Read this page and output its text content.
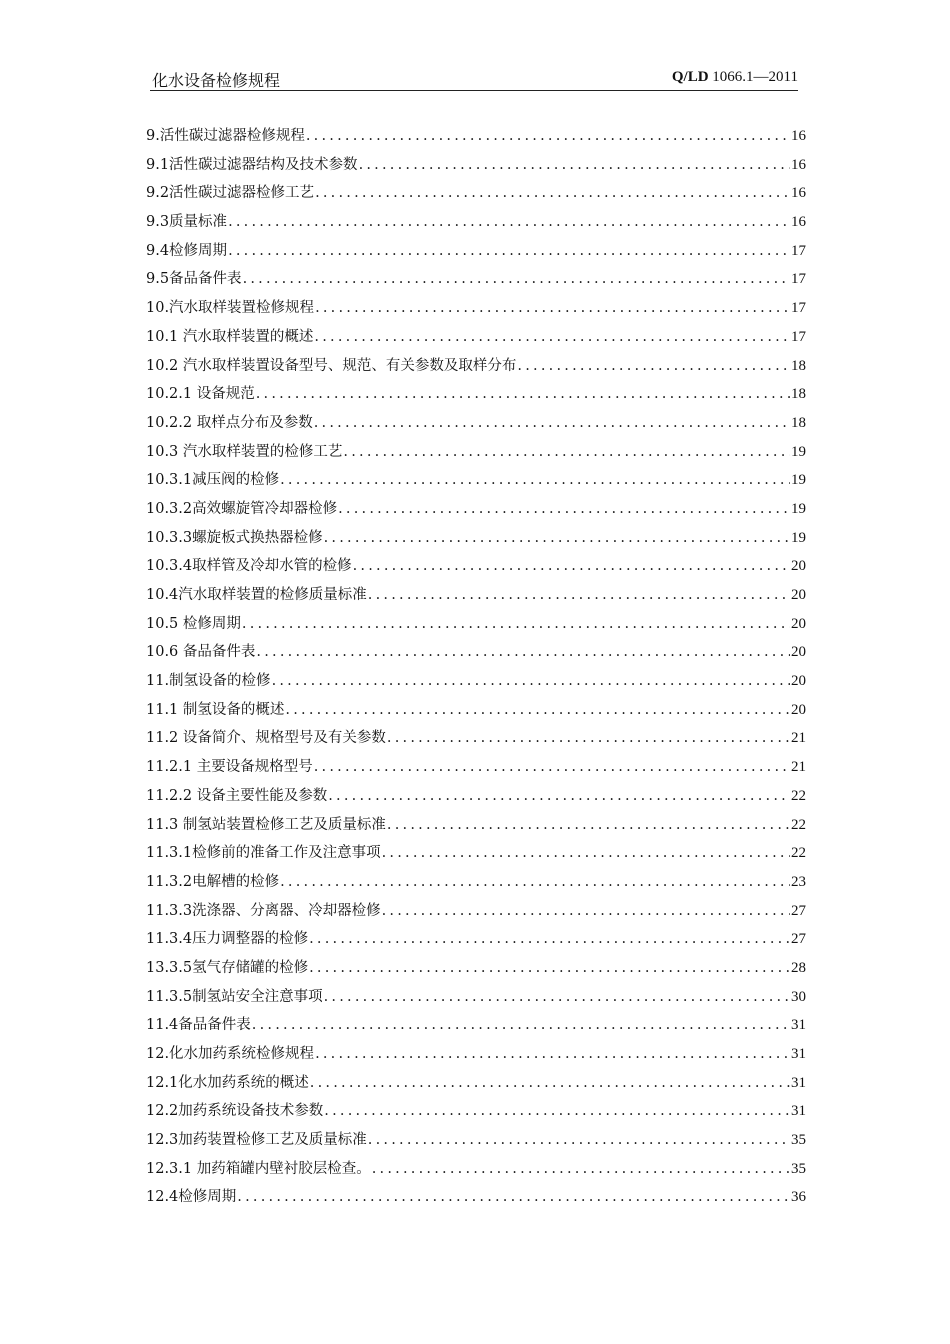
化水设备检修规程	Q/LD 1066.1—2011
9.活性碳过滤器检修规程 .....	16
9.1活性碳过滤器结构及技术参数 .....	16
9.2活性碳过滤器检修工艺 .....	16
9.3质量标准 .....	16
9.4检修周期 .....	17
9.5备品备件表 .....	17
10.汽水取样装置检修规程 .....	17
10.1 汽水取样装置的概述 .....	17
10.2 汽水取样装置设备型号、规范、有关参数及取样分布 .....	18
10.2.1 设备规范 .....	18
10.2.2 取样点分布及参数 .....	18
10.3 汽水取样装置的检修工艺 .....	19
10.3.1减压阀的检修 .....	19
10.3.2高效螺旋管冷却器检修 .....	19
10.3.3螺旋板式换热器检修 .....	19
10.3.4取样管及冷却水管的检修 .....	20
10.4汽水取样装置的检修质量标准 .....	20
10.5 检修周期 .....	20
10.6 备品备件表 .....	20
11.制氢设备的检修 .....	20
11.1 制氢设备的概述 .....	20
11.2 设备简介、规格型号及有关参数 .....	21
11.2.1 主要设备规格型号 .....	21
11.2.2 设备主要性能及参数 .....	22
11.3 制氢站装置检修工艺及质量标准 .....	22
11.3.1检修前的准备工作及注意事项 .....	22
11.3.2电解槽的检修 .....	23
11.3.3洗涤器、分离器、冷却器检修 .....	27
11.3.4压力调整器的检修 .....	27
13.3.5氢气存储罐的检修 .....	28
11.3.5制氢站安全注意事项 .....	30
11.4备品备件表 .....	31
12.化水加药系统检修规程 .....	31
12.1化水加药系统的概述 .....	31
12.2加药系统设备技术参数 .....	31
12.3加药装置检修工艺及质量标准 .....	35
12.3.1 加药箱罐内壁衬胶层检查。 .....	35
12.4检修周期 .....	36
